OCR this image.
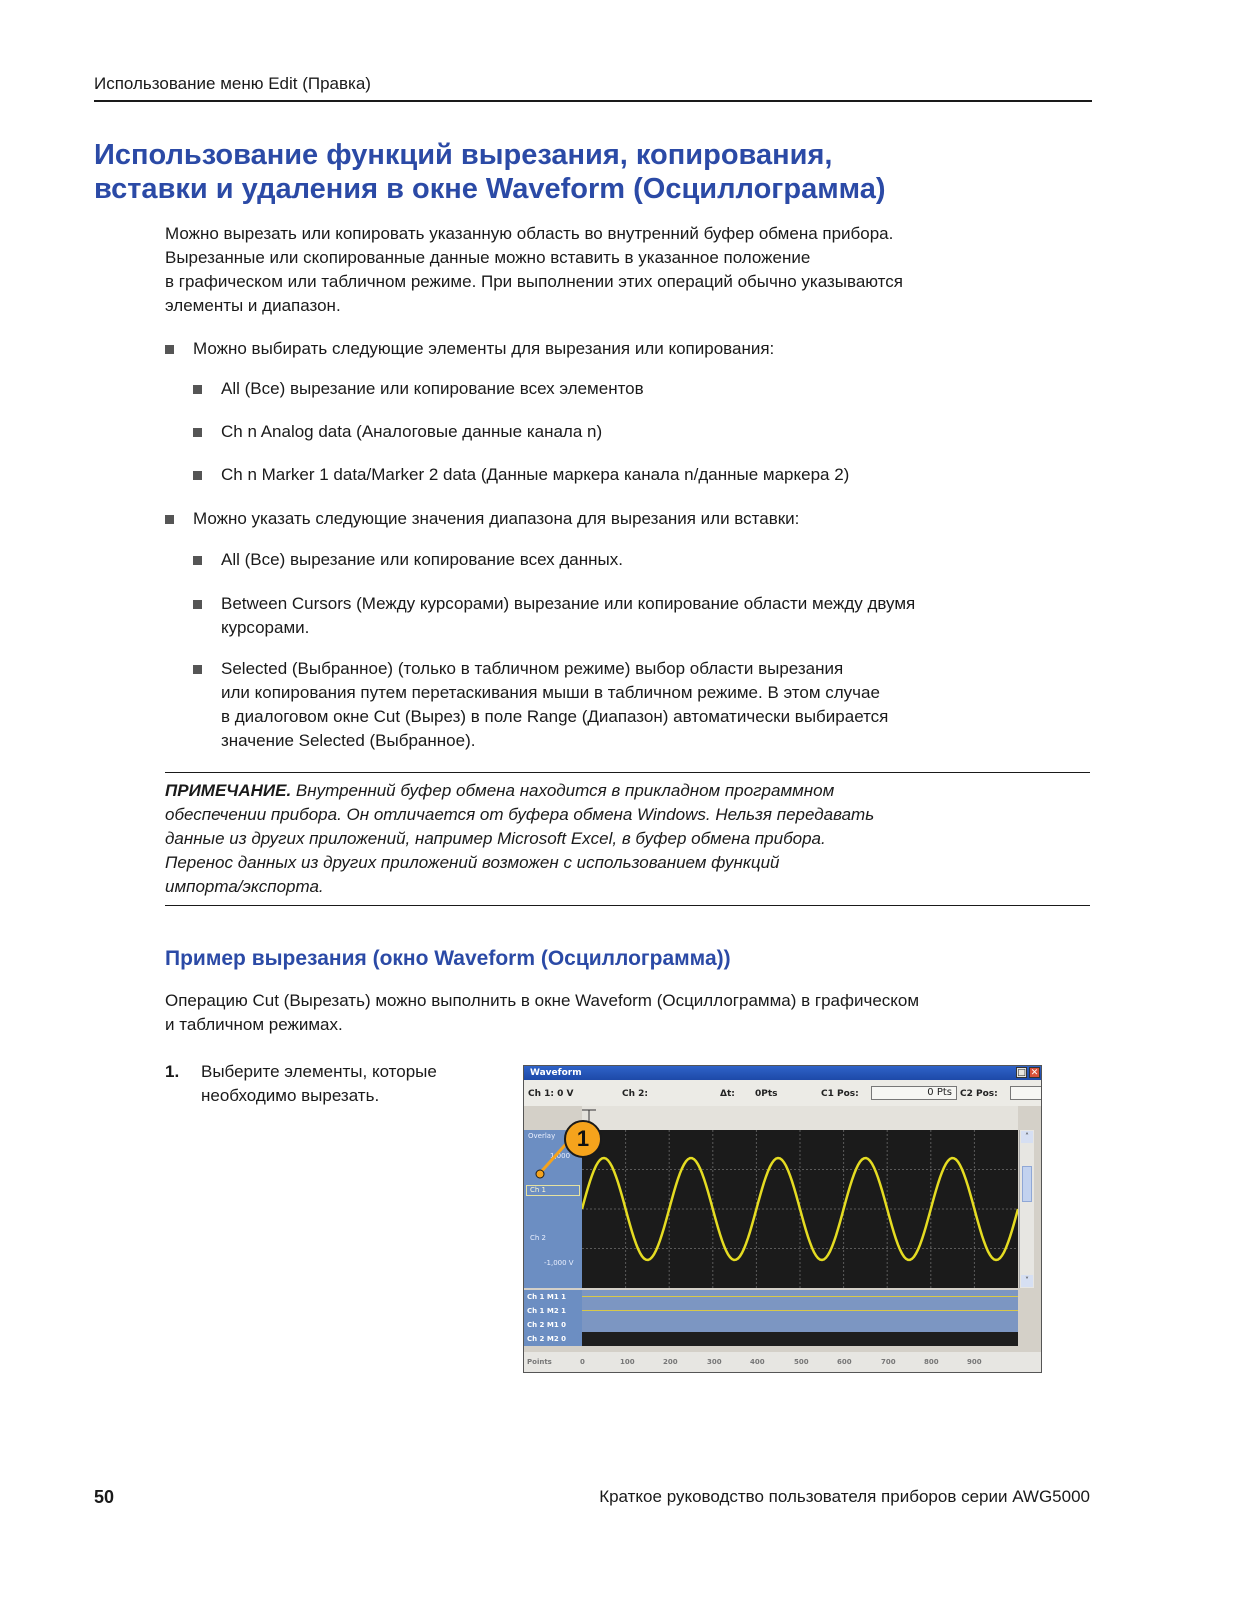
Использование меню Edit (Правка)
Использование функций вырезания, копирования,
вставки и удаления в окне Waveform (Осциллограмма)

Можно вырезать или копировать указанную область во внутренний буфер обмена прибора.
Вырезанные или скопированные данные можно вставить в указанное положение
в графическом или табличном режиме. При выполнении этих операций обычно указываются
элементы и диапазон.

Можно выбирать следующие элементы для вырезания или копирования:
All (Все) вырезание или копирование всех элементов
Ch n Analog data (Аналоговые данные канала n)
Ch n Marker 1 data/Marker 2 data (Данные маркера канала n/данные маркера 2)
Можно указать следующие значения диапазона для вырезания или вставки:
All (Все) вырезание или копирование всех данных.
Between Cursors (Между курсорами) вырезание или копирование области между двумя
курсорами.
Selected (Выбранное) (только в табличном режиме) выбор области вырезания
или копирования путем перетаскивания мыши в табличном режиме. В этом случае
в диалоговом окне Cut (Вырез) в поле Range (Диапазон) автоматически выбирается
значение Selected (Выбранное).
ПРИМЕЧАНИЕ. Внутренний буфер обмена находится в прикладном программном
обеспечении прибора. Он отличается от буфера обмена Windows. Нельзя передавать
данные из других приложений, например Microsoft Excel, в буфер обмена прибора.
Перенос данных из других приложений возможен с использованием функций
импорта/экспорта.
Пример вырезания (окно Waveform (Осциллограмма))

Операцию Cut (Вырезать) можно выполнить в окне Waveform (Осциллограмма) в графическом
и табличном режимах.

1. Выберите элементы, которые
необходимо вырезать.
Waveform	□ ✕
Ch 1: 0 V	Ch 2:	Δt: 0Pts	C1 Pos:	0 Pts C2 Pos:
Overlay
1,000
Ch 2
-1,000 V
Ch 1
˄
˅
Ch 1 M1 1
Ch 1 M2 1
Ch 2 M1 0
Ch 2 M2 0
Points	0	100	200	300	400	500	600	700	800	900
1
50	Краткое руководство пользователя приборов серии AWG5000
